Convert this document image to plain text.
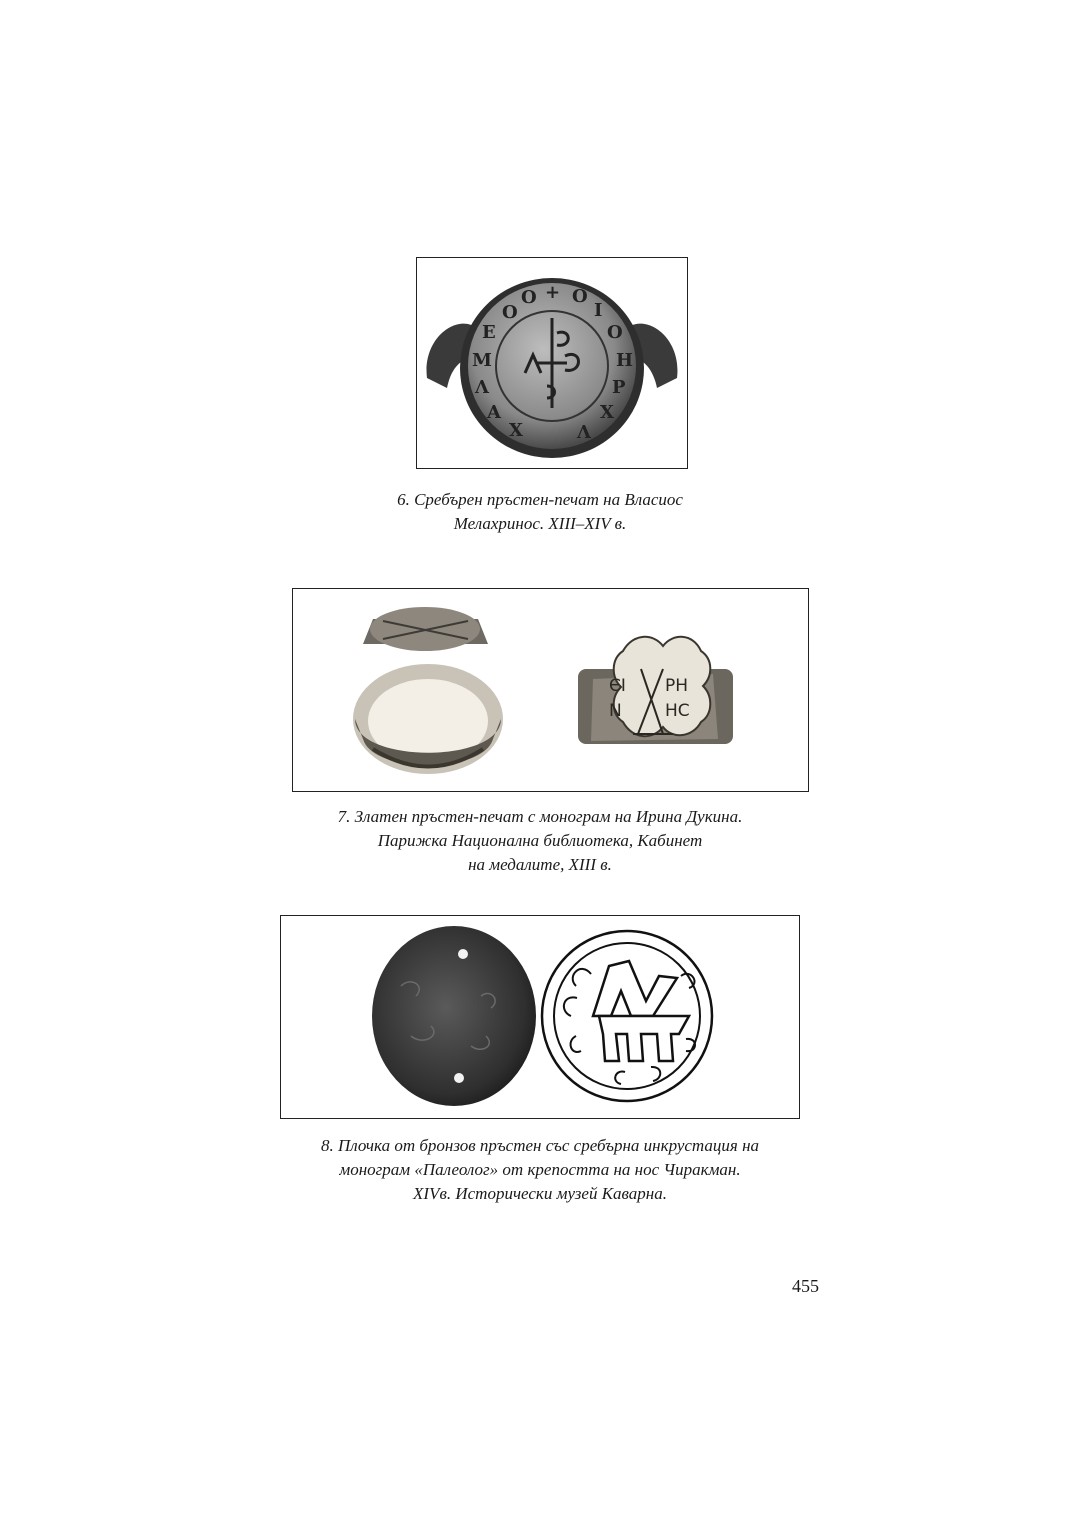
Ο
Ο + Ο
Ι
Ο
Η
Ρ
Χ
Λ
Ε
Μ
Λ
Α
Χ
6. Сребърен пръстен-печат на Власиос
Мелахринос. XIII–XIV в.
ЄI PH
N	HC
7. Златен пръстен-печат с монограм на Ирина Дукина.
Парижка Национална библиотека, Кабинет
на медалите, XIII в.
8. Плочка от бронзов пръстен със сребърна инкрустация на
монограм «Палеолог» от крепостта на нос Чиракман.
XIVв. Исторически музей Каварна.
455
